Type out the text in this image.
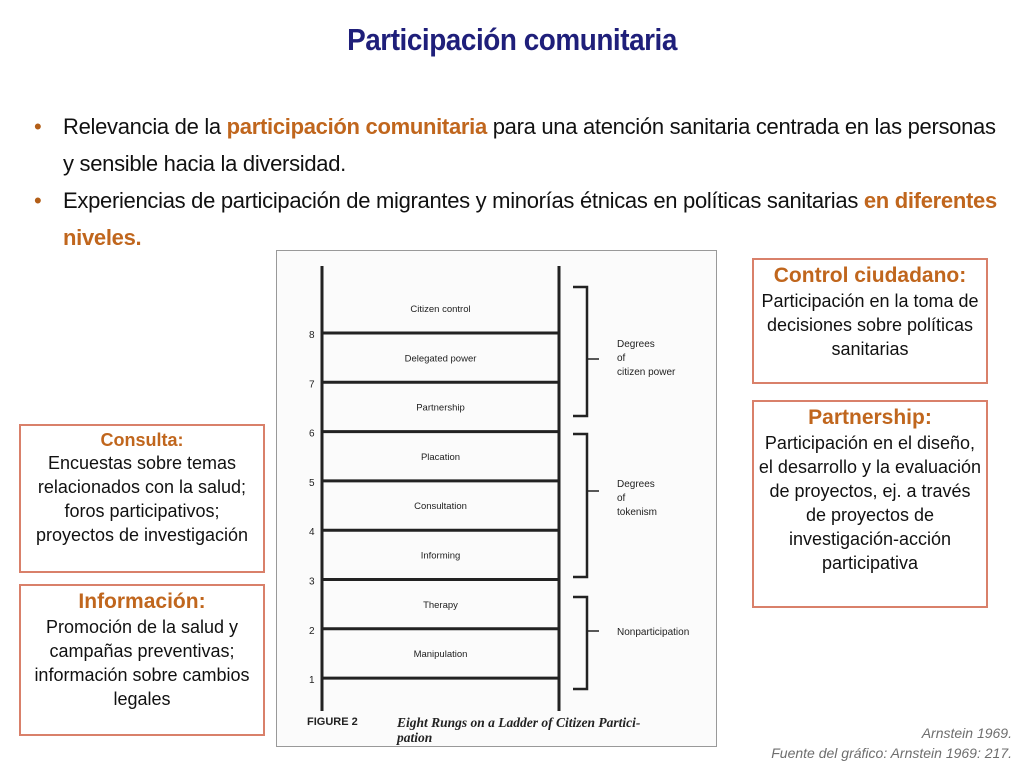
Participación comunitaria
• Relevancia de la participación comunitaria para una atención sanitaria centrada en las personas y sensible hacia la diversidad.
• Experiencias de participación de migrantes y minorías étnicas en políticas sanitarias en diferentes niveles.
8
Citizen control
7
Delegated power
6
Partnership
5
Placation
4
Consultation
3
Informing
2
Therapy
1
Manipulation
Degrees of citizen power
Degrees of tokenism
Nonparticipation
FIGURE 2	Eight Rungs on a Ladder of Citizen Partici-
pation
Control ciudadano:
Participación en la toma de decisiones sobre políticas sanitarias
Partnership:
Participación en el diseño, el desarrollo y la evaluación de proyectos, ej. a través de proyectos de investigación-acción participativa
Consulta:
Encuestas sobre temas relacionados con la salud; foros participativos; proyectos de investigación
Información:
Promoción de la salud y campañas preventivas; información sobre cambios legales
Arnstein 1969.
Fuente del gráfico: Arnstein 1969: 217.
